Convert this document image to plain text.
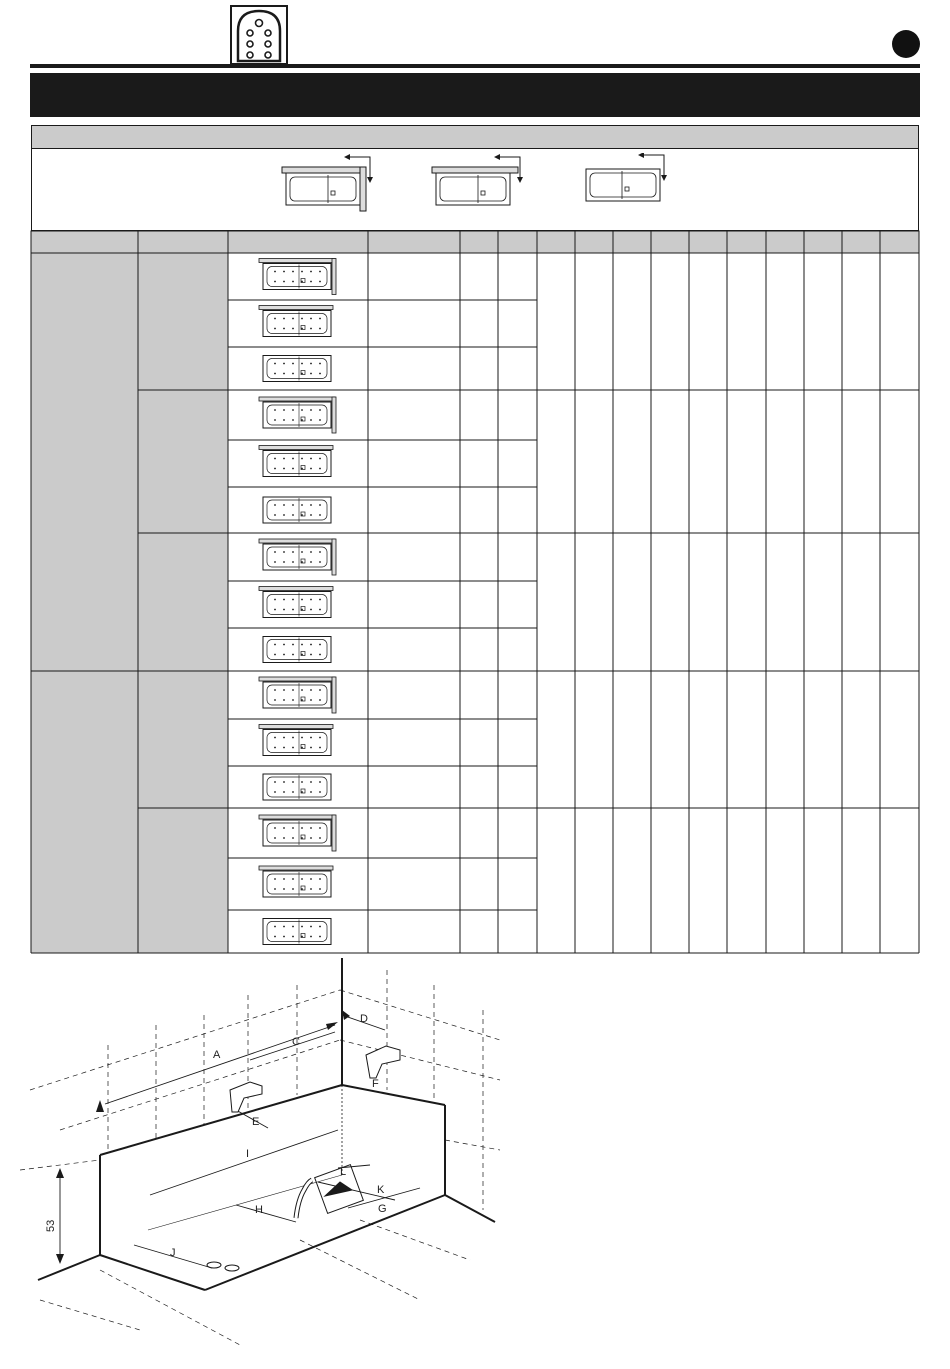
A
C
D
E
F
G
H
I
J
K
L
53
